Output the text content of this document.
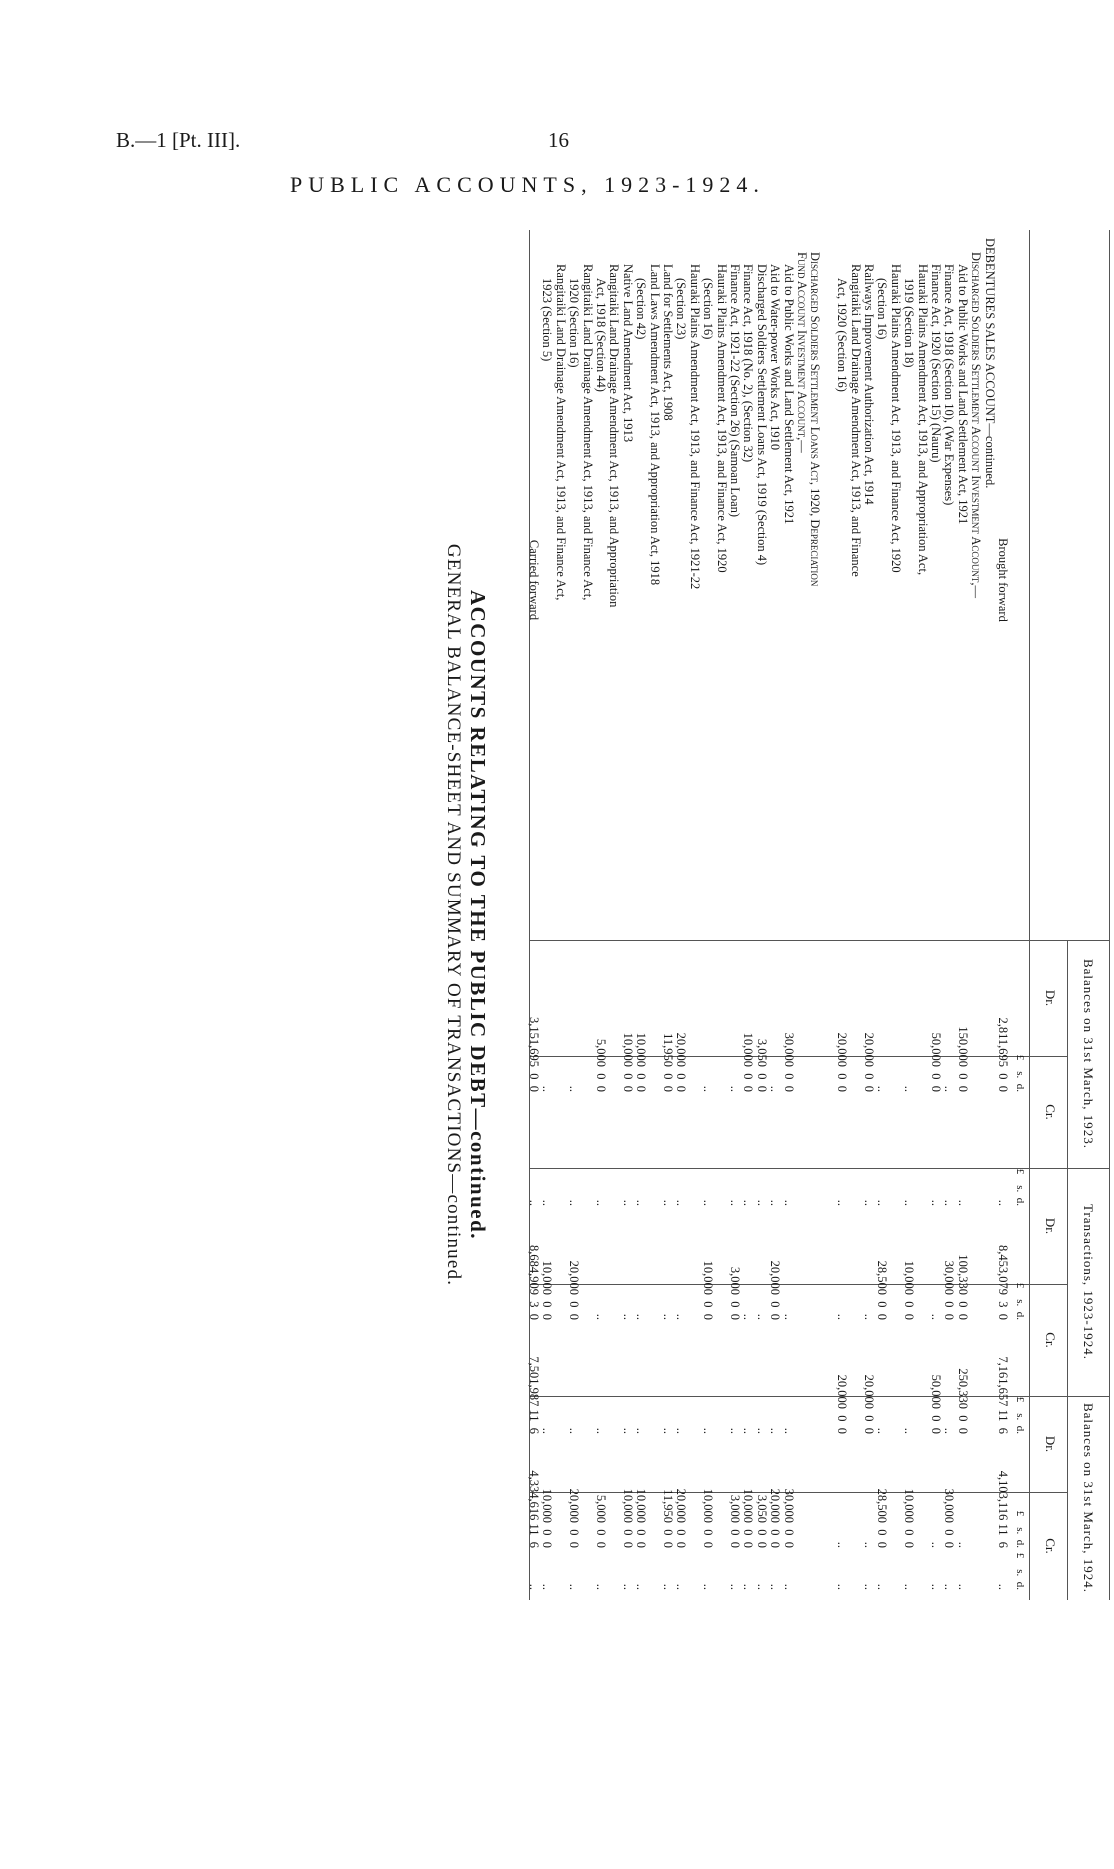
B.—1 [Pt. III].	16
PUBLIC ACCOUNTS, 1923-1924.
ACCOUNTS RELATING TO THE PUBLIC DEBT—continued.
GENERAL BALANCE-SHEET AND SUMMARY OF TRANSACTIONS—continued.	Balances on 31st March, 1923.
Transactions, 1923-1924.
Balances on 31st March, 1924.
Dr.
Cr.
Dr.
Cr.
Dr.
Cr.
£    s.  d.
£    s.  d.
£    s.  d.
£    s.  d.
£    s.  d.
£    s.  d.
Brought forward
2,811,695  0  0
..
8,453,079  3  0
7,161,657 11  6
4,103,116 11  6
..
DEBENTURES SALES ACCOUNT—continued.
Discharged Soldiers Settlement Account Investment Account,—
Aid to Public Works and Land Settlement Act, 1921
150,000  0  0
..
100,330  0  0
250,330  0  0
..
..
Finance Act, 1918 (Section 10), (War Expenses)
..
..
30,000  0  0
..
30,000  0  0
..
Finance Act, 1920 (Section 15) (Nauru)
50,000  0  0
..
..
50,000  0  0
..
..
Hauraki Plains Amendment Act, 1913, and Appropriation Act,
1919 (Section 18)
..
..
10,000  0  0
..
10,000  0  0
..
Hauraki Plains Amendment Act, 1913, and Finance Act, 1920
(Section 16)
..
..
28,500  0  0
..
28,500  0  0
..
Railways Improvement Authorization Act, 1914
20,000  0  0
..
..
20,000  0  0
..
..
Rangitaiki Land Drainage Amendment Act, 1913, and Finance
Act, 1920 (Section 16)
20,000  0  0
..
..
20,000  0  0
..
..
Discharged Soldiers Settlement Loans Act, 1920, Depreciation
Fund Account Investment Account,—
Aid to Public Works and Land Settlement Act, 1921
30,000  0  0
..
..
..
30,000  0  0
..
Aid to Water-power Works Act, 1910
..
..
20,000  0  0
..
20,000  0  0
..
Discharged Soldiers Settlement Loans Act, 1919 (Section 4)
3,050  0  0
..
..
..
3,050  0  0
..
Finance Act, 1918 (No. 2), (Section 32)
10,000  0  0
..
..
..
10,000  0  0
..
Finance Act, 1921-22 (Section 26) (Samoan Loan)
..
..
3,000  0  0
..
3,000  0  0
..
Hauraki Plains Amendment Act, 1913, and Finance Act, 1920
(Section 16)
..
..
10,000  0  0
..
10,000  0  0
..
Hauraki Plains Amendment Act, 1913, and Finance Act, 1921-22
(Section 23)
20,000  0  0
..
..
..
20,000  0  0
..
Land for Settlements Act, 1908
11,950  0  0
..
..
..
11,950  0  0
..
Land Laws Amendment Act, 1913, and Appropriation Act, 1918
(Section 42)
10,000  0  0
..
..
..
10,000  0  0
..
Native Land Amendment Act, 1913
10,000  0  0
..
..
..
10,000  0  0
..
Rangitaiki Land Drainage Amendment Act, 1913, and Appropriation
Act, 1918 (Section 44)
5,000  0  0
..
..
..
5,000  0  0
..
Rangitaiki Land Drainage Amendment Act, 1913, and Finance Act,
1920 (Section 16)
..
..
20,000  0  0
..
20,000  0  0
..
Rangitaiki Land Drainage Amendment Act, 1913, and Finance Act,
1923 (Section 5)
..
..
10,000  0  0
..
10,000  0  0
..
Carried forward
3,151,695  0  0
..
8,684,909  3  0
7,501,987 11  6
4,334,616 11  6
..
